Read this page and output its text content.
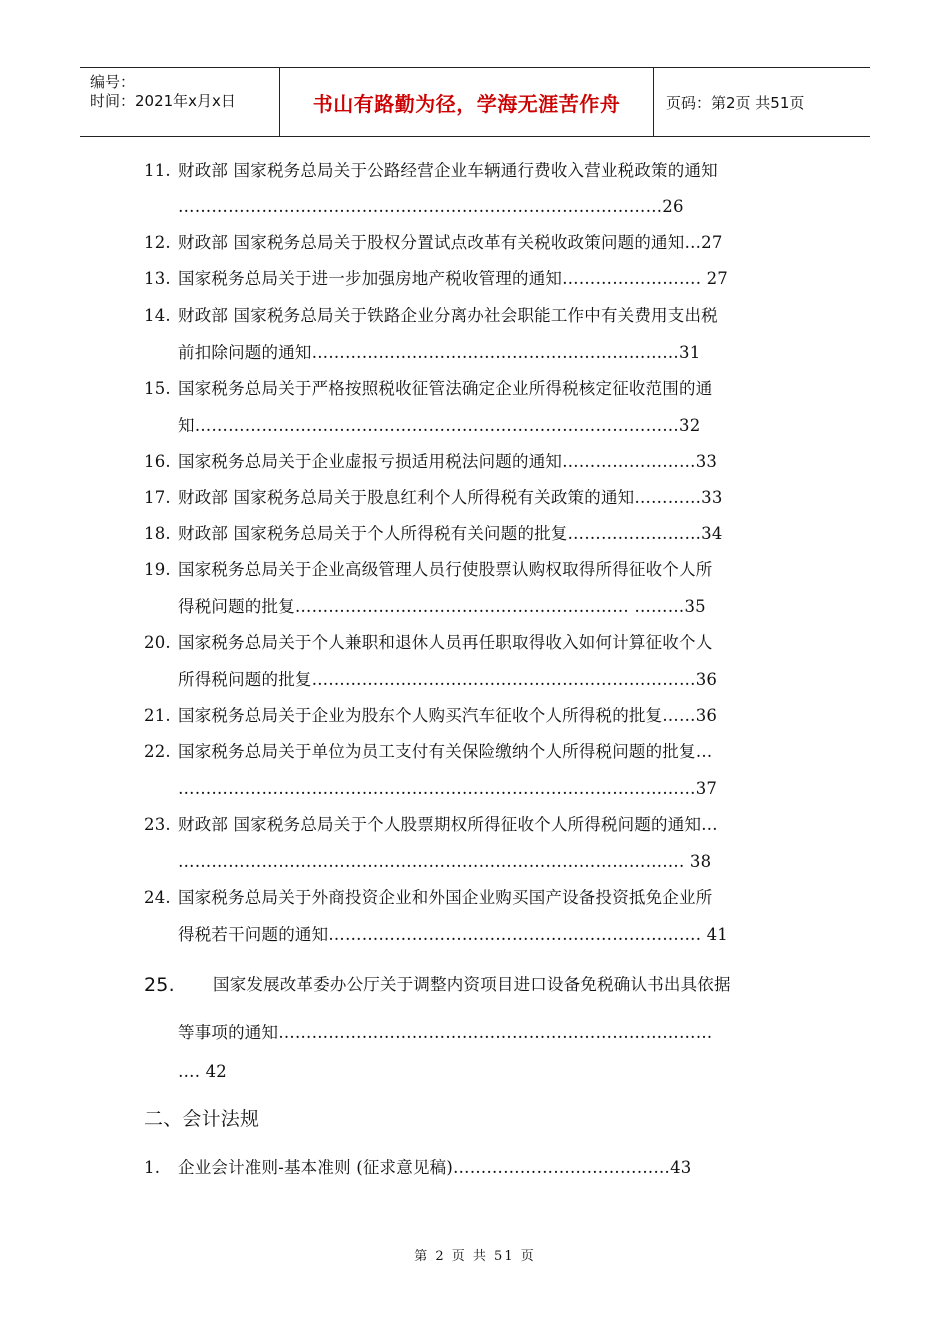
编号：
时间：2021年x月x日	书山有路勤为径，学海无涯苦作舟	页码：第2页 共51页
11. 财政部 国家税务总局关于公路经营企业车辆通行费收入营业税政策的通知
……………………………………………………………………………26
12. 财政部 国家税务总局关于股权分置试点改革有关税收政策问题的通知…27
13. 国家税务总局关于进一步加强房地产税收管理的通知……………………. 27
14. 财政部 国家税务总局关于铁路企业分离办社会职能工作中有关费用支出税
前扣除问题的通知…………………………………………………………31
15. 国家税务总局关于严格按照税收征管法确定企业所得税核定征收范围的通
知……………………………………………………………………………32
16. 国家税务总局关于企业虚报亏损适用税法问题的通知……………………33
17. 财政部 国家税务总局关于股息红利个人所得税有关政策的通知…………33
18. 财政部 国家税务总局关于个人所得税有关问题的批复……………………34
19. 国家税务总局关于企业高级管理人员行使股票认购权取得所得征收个人所
得税问题的批复…………………………………………………… ………35
20. 国家税务总局关于个人兼职和退休人员再任职取得收入如何计算征收个人
所得税问题的批复……………………………………………………………36
21. 国家税务总局关于企业为股东个人购买汽车征收个人所得税的批复……36
22. 国家税务总局关于单位为员工支付有关保险缴纳个人所得税问题的批复…
…………………………………………………………………………………37
23. 财政部 国家税务总局关于个人股票期权所得征收个人所得税问题的通知…
………………………………………………………………………………. 38
24. 国家税务总局关于外商投资企业和外国企业购买国产设备投资抵免企业所
得税若干问题的通知…………………………………………………………. 41
25. 国家发展改革委办公厅关于调整内资项目进口设备免税确认书出具依据
等事项的通知……………………………………………………………………
…. 42
二、会计法规
1. 企业会计准则-基本准则 (征求意见稿)…………………………………43
第 2 页 共 51 页
